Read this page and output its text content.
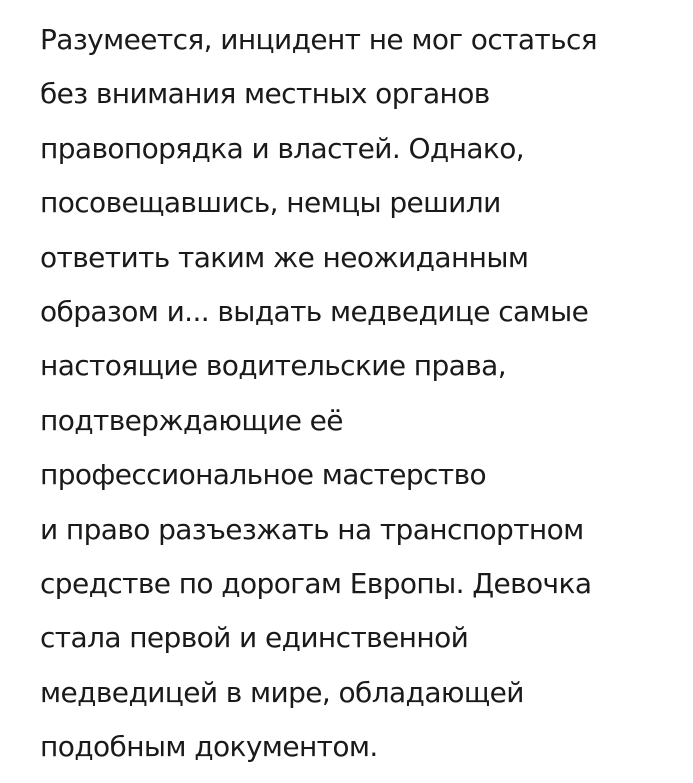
Разумеется, инцидент не мог остаться
без внимания местных органов
правопорядка и властей. Однако,
посовещавшись, немцы решили
ответить таким же неожиданным
образом и... выдать медведице самые
настоящие водительские права,
подтверждающие её
профессиональное мастерство
и право разъезжать на транспортном
средстве по дорогам Европы. Девочка
стала первой и единственной
медведицей в мире, обладающей
подобным документом.
